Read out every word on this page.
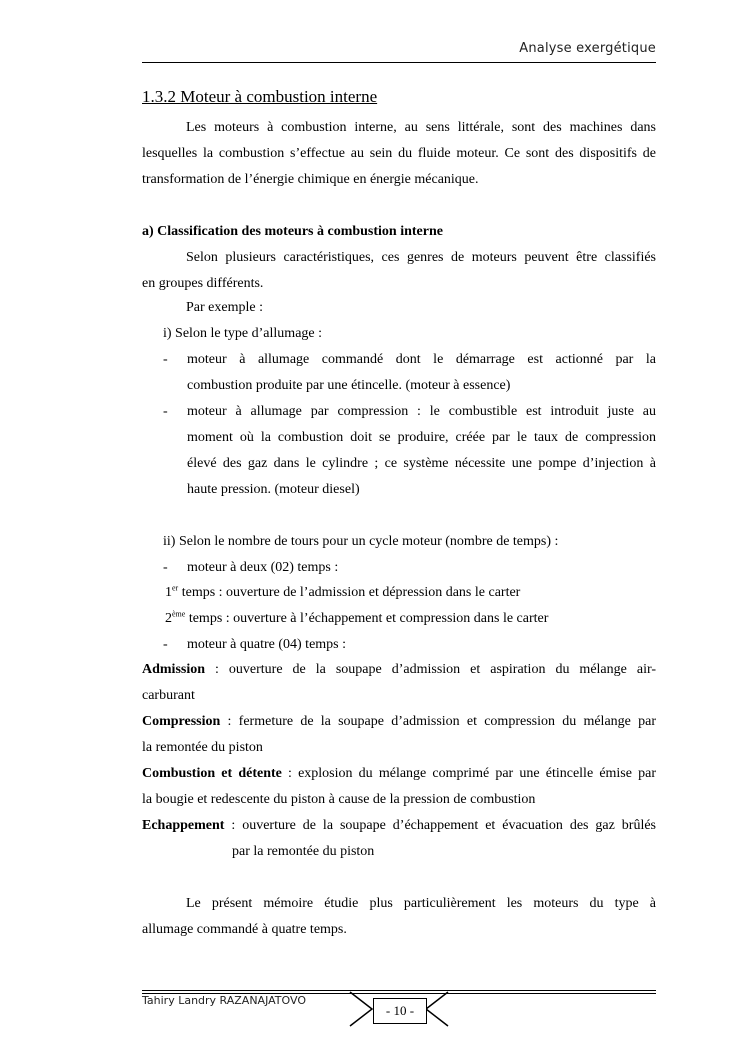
Analyse exergétique
1.3.2 Moteur à combustion interne
Les moteurs à combustion interne, au sens littérale, sont des machines dans
lesquelles la combustion s’effectue au sein du fluide moteur. Ce sont des dispositifs de
transformation de l’énergie chimique en énergie mécanique.
a) Classification des moteurs à combustion interne
Selon plusieurs caractéristiques, ces genres de moteurs peuvent être classifiés
en groupes différents.
Par exemple :
i) Selon le type d’allumage :
- moteur à allumage commandé dont le démarrage est actionné par la
combustion produite par une étincelle. (moteur à essence)
- moteur à allumage par compression : le combustible est introduit juste au
moment où la combustion doit se produire, créée par le taux de compression
élevé des gaz dans le cylindre ; ce système nécessite une pompe d’injection à
haute pression. (moteur diesel)
ii) Selon le nombre de tours pour un cycle moteur (nombre de temps) :
- moteur à deux (02) temps :
1er temps : ouverture de l’admission et dépression dans le carter
2ème temps : ouverture à l’échappement et compression dans le carter
- moteur à quatre (04) temps :
Admission : ouverture de la soupape d’admission et aspiration du mélange air-
carburant
Compression : fermeture de la soupape d’admission et compression du mélange par
la remontée du piston
Combustion et détente : explosion du mélange comprimé par une étincelle émise par
la bougie et redescente du piston à cause de la pression de combustion
Echappement : ouverture de la soupape d’échappement et évacuation des gaz brûlés
par la remontée du piston
Le présent mémoire étudie plus particulièrement les moteurs du type à
allumage commandé à quatre temps.
Tahiry Landry RAZANAJATOVO
- 10 -
